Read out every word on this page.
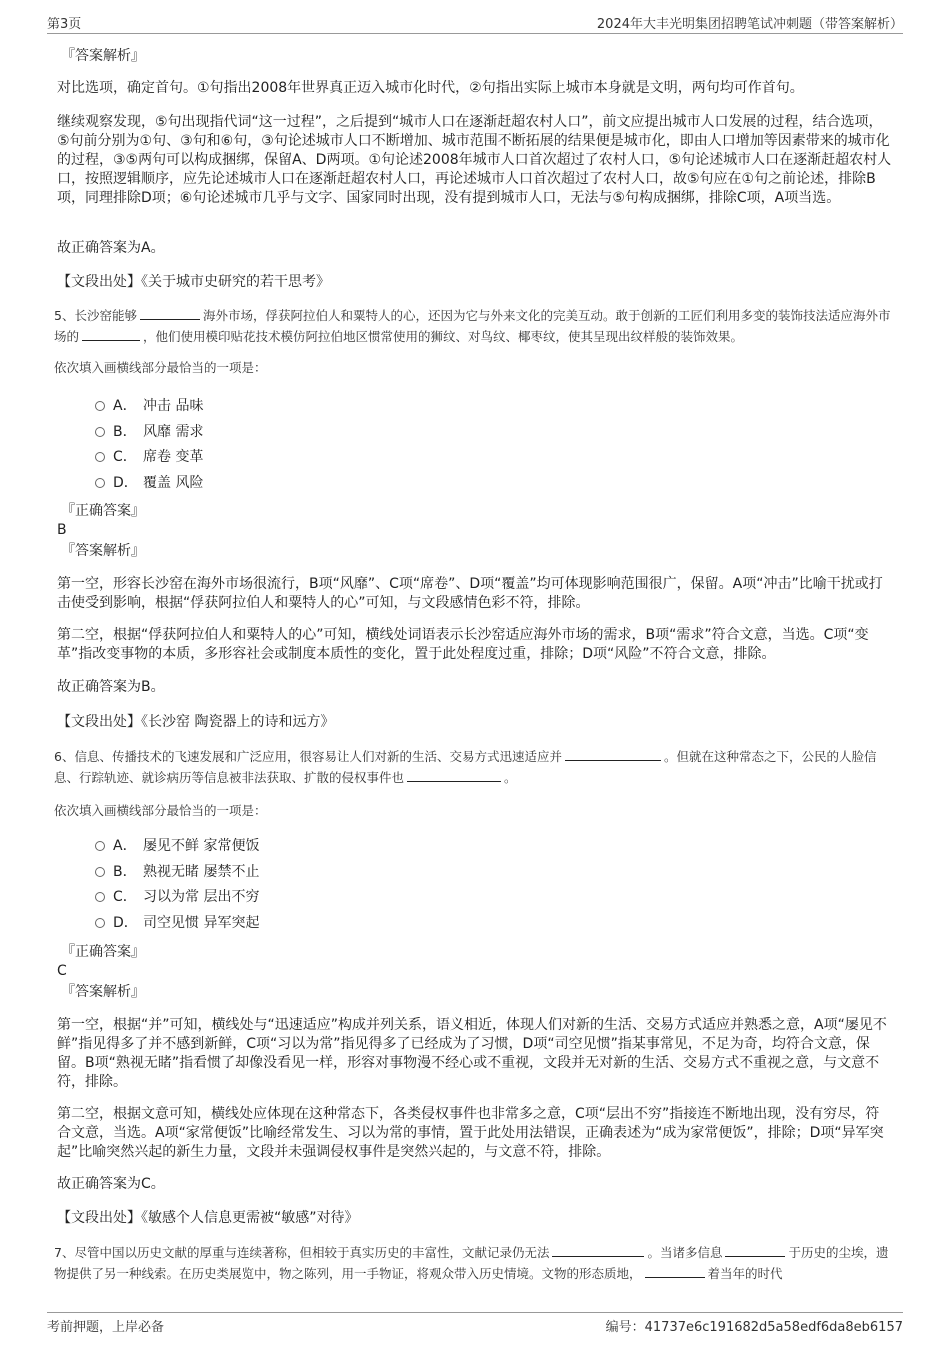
第3页	2024年大丰光明集团招聘笔试冲刺题（带答案解析）
『答案解析』

对比选项，确定首句。①句指出2008年世界真正迈入城市化时代，②句指出实际上城市本身就是文明，两句均可作首句。

继续观察发现，⑤句出现指代词“这一过程”，之后提到“城市人口在逐渐赶超农村人口”，前文应提出城市人口发展的过程，结合选项，⑤句前分别为①句、③句和⑥句，③句论述城市人口不断增加、城市范围不断拓展的结果便是城市化，即由人口增加等因素带来的城市化的过程，③⑤两句可以构成捆绑，保留A、D两项。①句论述2008年城市人口首次超过了农村人口，⑤句论述城市人口在逐渐赶超农村人口，按照逻辑顺序，应先论述城市人口在逐渐赶超农村人口，再论述城市人口首次超过了农村人口，故⑤句应在①句之前论述，排除B项，同理排除D项；⑥句论述城市几乎与文字、国家同时出现，没有提到城市人口，无法与⑤句构成捆绑，排除C项，A项当选。

故正确答案为A。

【文段出处】《关于城市史研究的若干思考》

5、长沙窑能够	海外市场，俘获阿拉伯人和粟特人的心，还因为它与外来文化的完美互动。敢于创新的工匠们利用多变的装饰技法适应海外市场的	，他们使用模印贴花技术模仿阿拉伯地区惯常使用的狮纹、对鸟纹、椰枣纹，使其呈现出纹样般的装饰效果。

依次填入画横线部分最恰当的一项是：
A． 冲击 品味
B． 风靡 需求
C． 席卷 变革
D． 覆盖 风险
『正确答案』
B
『答案解析』

第一空，形容长沙窑在海外市场很流行，B项“风靡”、C项“席卷”、D项“覆盖”均可体现影响范围很广，保留。A项“冲击”比喻干扰或打击使受到影响，根据“俘获阿拉伯人和粟特人的心”可知，与文段感情色彩不符，排除。

第二空，根据“俘获阿拉伯人和粟特人的心”可知，横线处词语表示长沙窑适应海外市场的需求，B项“需求”符合文意，当选。C项“变革”指改变事物的本质，多形容社会或制度本质性的变化，置于此处程度过重，排除；D项“风险”不符合文意，排除。

故正确答案为B。

【文段出处】《长沙窑 陶瓷器上的诗和远方》

6、信息、传播技术的飞速发展和广泛应用，很容易让人们对新的生活、交易方式迅速适应并	。但就在这种常态之下，公民的人脸信息、行踪轨迹、就诊病历等信息被非法获取、扩散的侵权事件也	。

依次填入画横线部分最恰当的一项是：
A． 屡见不鲜 家常便饭
B． 熟视无睹 屡禁不止
C． 习以为常 层出不穷
D． 司空见惯 异军突起
『正确答案』
C
『答案解析』

第一空，根据“并”可知，横线处与“迅速适应”构成并列关系，语义相近，体现人们对新的生活、交易方式适应并熟悉之意，A项“屡见不鲜”指见得多了并不感到新鲜，C项“习以为常”指见得多了已经成为了习惯，D项“司空见惯”指某事常见，不足为奇，均符合文意，保留。B项“熟视无睹”指看惯了却像没看见一样，形容对事物漫不经心或不重视，文段并无对新的生活、交易方式不重视之意，与文意不符，排除。

第二空，根据文意可知，横线处应体现在这种常态下，各类侵权事件也非常多之意，C项“层出不穷”指接连不断地出现，没有穷尽，符合文意，当选。A项“家常便饭”比喻经常发生、习以为常的事情，置于此处用法错误，正确表述为“成为家常便饭”，排除；D项“异军突起”比喻突然兴起的新生力量，文段并未强调侵权事件是突然兴起的，与文意不符，排除。

故正确答案为C。

【文段出处】《敏感个人信息更需被“敏感”对待》

7、尽管中国以历史文献的厚重与连续著称，但相较于真实历史的丰富性，文献记录仍无法	。当诸多信息	于历史的尘埃，遗物提供了另一种线索。在历史类展览中，物之陈列，用一手物证，将观众带入历史情境。文物的形态质地，	着当年的时代

考前押题，上岸必备	编号：41737e6c191682d5a58edf6da8eb6157
